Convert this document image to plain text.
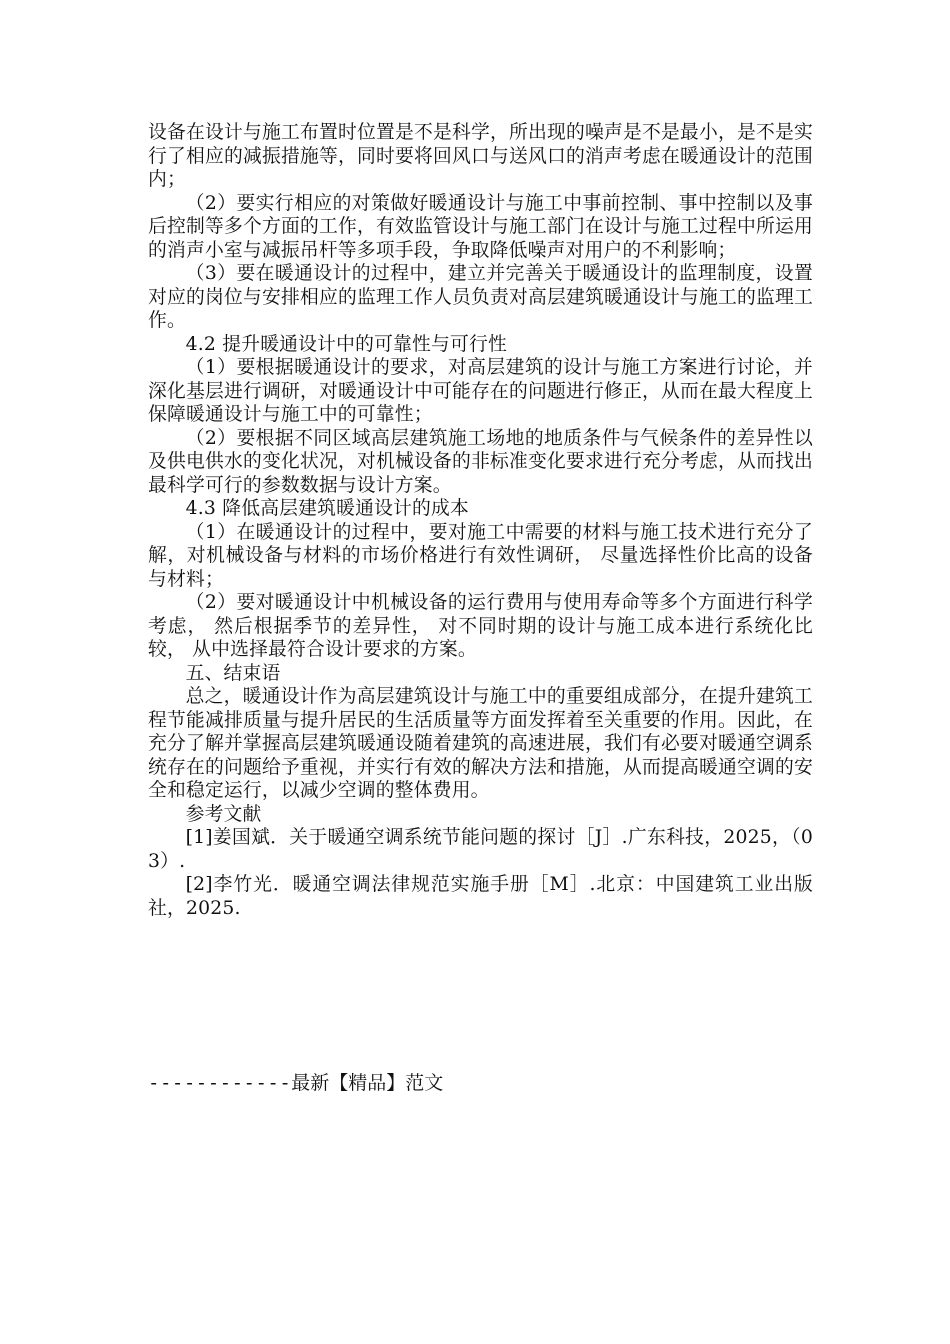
设备在设计与施工布置时位置是不是科学，所出现的噪声是不是最小，是不是实行了相应的减振措施等，同时要将回风口与送风口的消声考虑在暖通设计的范围内；

（2）要实行相应的对策做好暖通设计与施工中事前控制、事中控制以及事后控制等多个方面的工作，有效监管设计与施工部门在设计与施工过程中所运用的消声小室与减振吊杆等多项手段，争取降低噪声对用户的不利影响；

（3）要在暖通设计的过程中，建立并完善关于暖通设计的监理制度，设置对应的岗位与安排相应的监理工作人员负责对高层建筑暖通设计与施工的监理工作。

4.2 提升暖通设计中的可靠性与可行性

（1）要根据暖通设计的要求，对高层建筑的设计与施工方案进行讨论，并深化基层进行调研，对暖通设计中可能存在的问题进行修正，从而在最大程度上保障暖通设计与施工中的可靠性；

（2）要根据不同区域高层建筑施工场地的地质条件与气候条件的差异性以及供电供水的变化状况，对机械设备的非标准变化要求进行充分考虑，从而找出最科学可行的参数数据与设计方案。

4.3 降低高层建筑暖通设计的成本

（1）在暖通设计的过程中，要对施工中需要的材料与施工技术进行充分了解，对机械设备与材料的市场价格进行有效性调研， 尽量选择性价比高的设备与材料；

（2）要对暖通设计中机械设备的运行费用与使用寿命等多个方面进行科学考虑， 然后根据季节的差异性， 对不同时期的设计与施工成本进行系统化比较， 从中选择最符合设计要求的方案。

五、结束语

总之，暖通设计作为高层建筑设计与施工中的重要组成部分，在提升建筑工程节能减排质量与提升居民的生活质量等方面发挥着至关重要的作用。因此，在充分了解并掌握高层建筑暖通设随着建筑的高速进展，我们有必要对暖通空调系统存在的问题给予重视，并实行有效的解决方法和措施，从而提高暖通空调的安全和稳定运行，以减少空调的整体费用。

参考文献

[1]姜国斌．关于暖通空调系统节能问题的探讨［J］.广东科技，2025，（03）.

[2]李竹光．暖通空调法律规范实施手册［M］.北京：中国建筑工业出版社，2025.

------------最新【精品】范文
